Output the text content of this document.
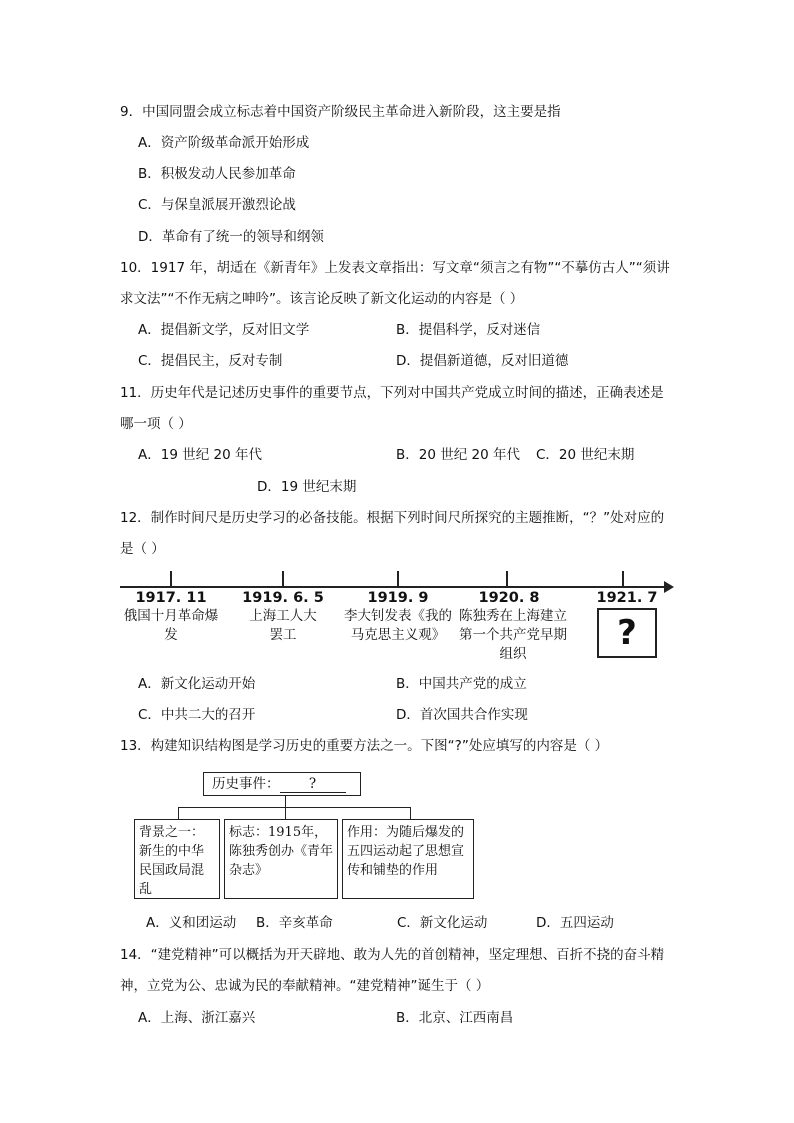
9．中国同盟会成立标志着中国资产阶级民主革命进入新阶段，这主要是指
A．资产阶级革命派开始形成
B．积极发动人民参加革命
C．与保皇派展开激烈论战
D．革命有了统一的领导和纲领
10．1917 年，胡适在《新青年》上发表文章指出：写文章“须言之有物”“不摹仿古人”“须讲
求文法”“不作无病之呻吟”。该言论反映了新文化运动的内容是（ ）
A．提倡新文学，反对旧文学	B．提倡科学，反对迷信
C．提倡民主，反对专制	D．提倡新道德，反对旧道德
11．历史年代是记述历史事件的重要节点，下列对中国共产党成立时间的描述，正确表述是
哪一项（ ）
A．19 世纪 20 年代	B．20 世纪 20 年代 C．20 世纪末期
D．19 世纪末期
12．制作时间尺是历史学习的必备技能。根据下列时间尺所探究的主题推断，“？”处对应的
是（ ）
1917. 11
俄国十月革命爆发
1919. 6. 5
上海工人大罢工
1919. 9
李大钊发表《我的马克思主义观》
1920. 8
陈独秀在上海建立第一个共产党早期组织
1921. 7
?
A．新文化运动开始	B．中国共产党的成立
C．中共二大的召开	D．首次国共合作实现
13．构建知识结构图是学习历史的重要方法之一。下图“?”处应填写的内容是（ ）
历史事件： ?
背景之一：新生的中华民国政局混乱
标志：1915年，陈独秀创办《青年杂志》
作用：为随后爆发的五四运动起了思想宣传和铺垫的作用
A．义和团运动 B．辛亥革命	C．新文化运动	D．五四运动
14．“建党精神”可以概括为开天辟地、敢为人先的首创精神，坚定理想、百折不挠的奋斗精
神，立党为公、忠诚为民的奉献精神。“建党精神”诞生于（ ）
A．上海、浙江嘉兴	B．北京、江西南昌
